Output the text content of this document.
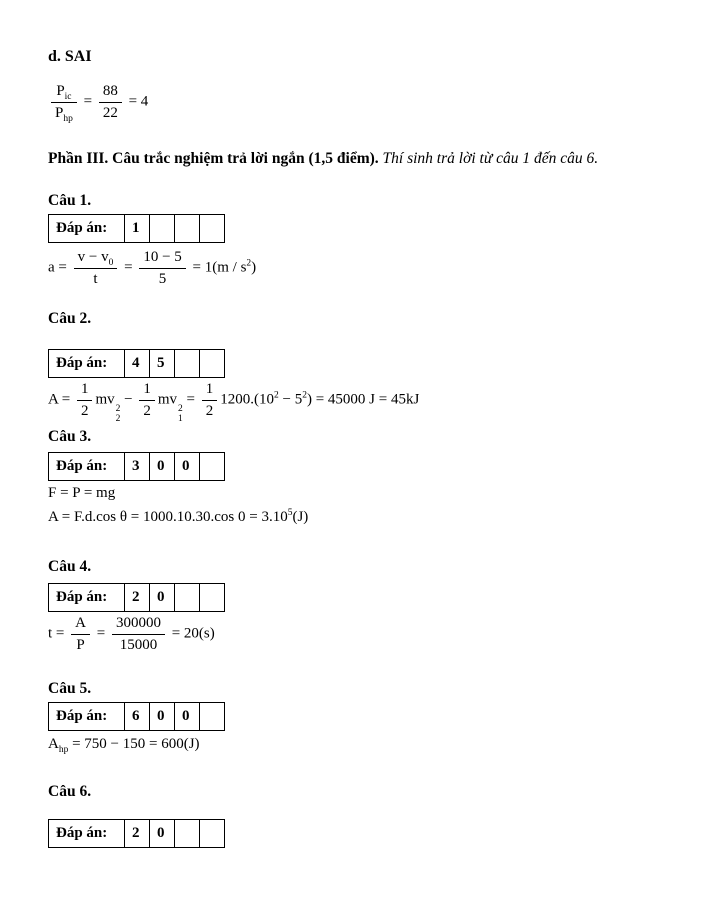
d. SAI
$\frac{P_{ic}}{P_{hp}} = \frac{88}{22} = 4$
Phần III. Câu trắc nghiệm trả lời ngắn (1,5 điểm). Thí sinh trả lời từ câu 1 đến câu 6.
Câu 1.
Đáp án:	1			
$a = \frac{v - v_0}{t} = \frac{10 - 5}{5} = 1(m / s^2)$
Câu 2.
Đáp án:	4	5		
$A = \frac{1}{2}$ mv
2
2
− $\frac{1}{2}$ mv
2
1
= $\frac{1}{2} 1200.(10^2 - 5^2) = 45000$ J = 45kJ
Câu 3.
Đáp án:	3	0	0	
F = P = mg
A = F.d.cos θ = 1000.10.30.cos $0 = 3.10^5(J)$
Câu 4.
Đáp án:	2	0		
$t = \frac{A}{P} = \frac{300000}{15000} = 20(s)$
Câu 5.
Đáp án:	6	0	0	
$A_{hp} = 750 - 150 = 600(J)$
Câu 6.
Đáp án:	2	0		
